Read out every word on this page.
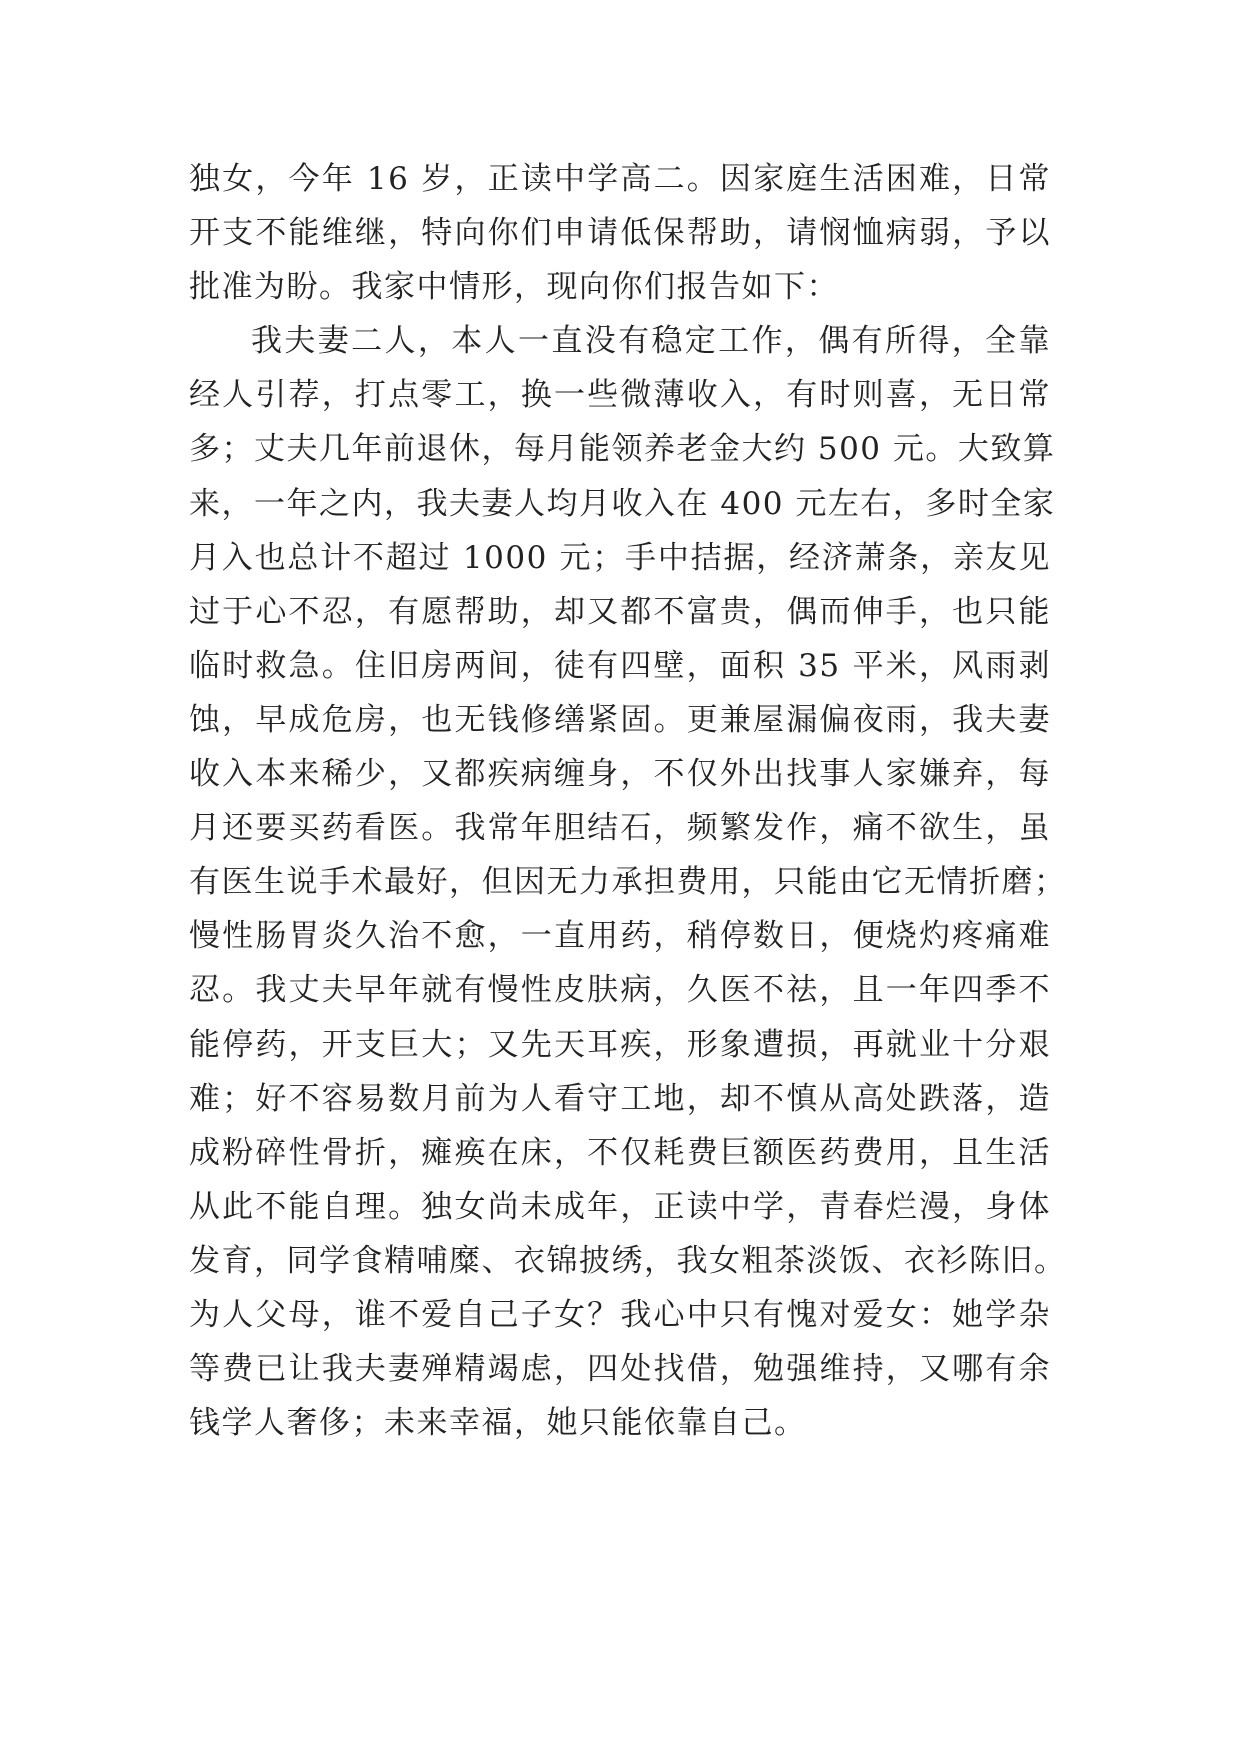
独女，今年 16 岁，正读中学高二。因家庭生活困难，日常
开支不能维继，特向你们申请低保帮助，请悯恤病弱，予以
批准为盼。我家中情形，现向你们报告如下：
我夫妻二人，本人一直没有稳定工作，偶有所得，全靠
经人引荐，打点零工，换一些微薄收入，有时则喜，无日常
多；丈夫几年前退休，每月能领养老金大约 500 元。大致算
来，一年之内，我夫妻人均月收入在 400 元左右，多时全家
月入也总计不超过 1000 元；手中拮据，经济萧条，亲友见
过于心不忍，有愿帮助，却又都不富贵，偶而伸手，也只能
临时救急。住旧房两间，徒有四壁，面积 35 平米，风雨剥
蚀，早成危房，也无钱修缮紧固。更兼屋漏偏夜雨，我夫妻
收入本来稀少，又都疾病缠身，不仅外出找事人家嫌弃，每
月还要买药看医。我常年胆结石，频繁发作，痛不欲生，虽
有医生说手术最好，但因无力承担费用，只能由它无情折磨；
慢性肠胃炎久治不愈，一直用药，稍停数日，便烧灼疼痛难
忍。我丈夫早年就有慢性皮肤病，久医不祛，且一年四季不
能停药，开支巨大；又先天耳疾，形象遭损，再就业十分艰
难；好不容易数月前为人看守工地，却不慎从高处跌落，造
成粉碎性骨折，瘫痪在床，不仅耗费巨额医药费用，且生活
从此不能自理。独女尚未成年，正读中学，青春烂漫，身体
发育，同学食精哺糜、衣锦披绣，我女粗茶淡饭、衣衫陈旧。
为人父母，谁不爱自己子女？我心中只有愧对爱女：她学杂
等费已让我夫妻殚精竭虑，四处找借，勉强维持，又哪有余
钱学人奢侈；未来幸福，她只能依靠自己。
